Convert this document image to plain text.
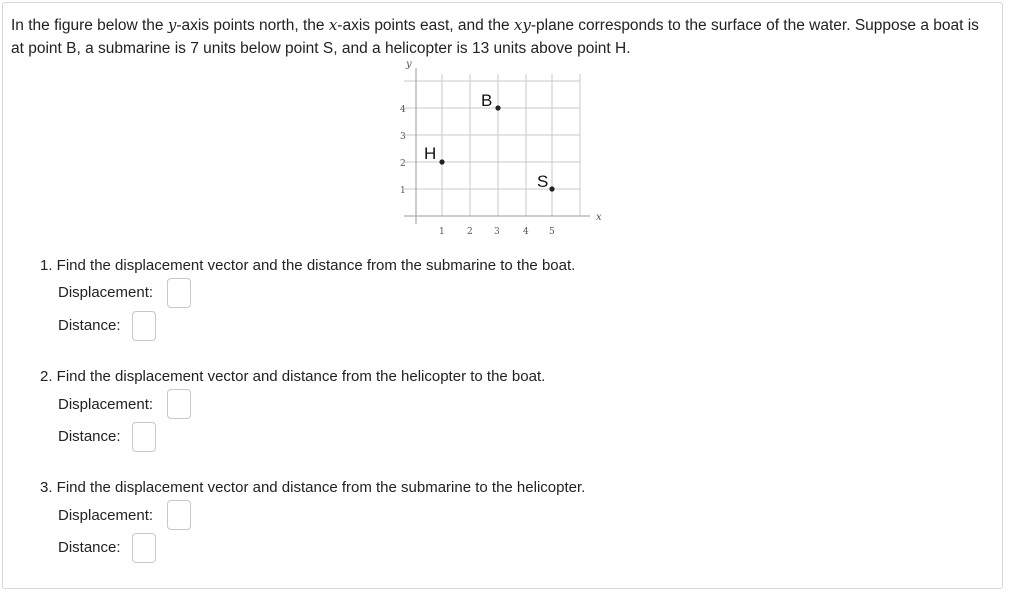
In the figure below the y-axis points north, the x-axis points east, and the xy-plane corresponds to the surface of the water. Suppose a boat is at point B, a submarine is 7 units below point S, and a helicopter is 13 units above point H.
y
x
4
3
2
1
1 2 3	4 5
B
H
S
1. Find the displacement vector and the distance from the submarine to the boat.
Displacement:
Distance:
2. Find the displacement vector and distance from the helicopter to the boat.
Displacement:
Distance:
3. Find the displacement vector and distance from the submarine to the helicopter.
Displacement:
Distance:
